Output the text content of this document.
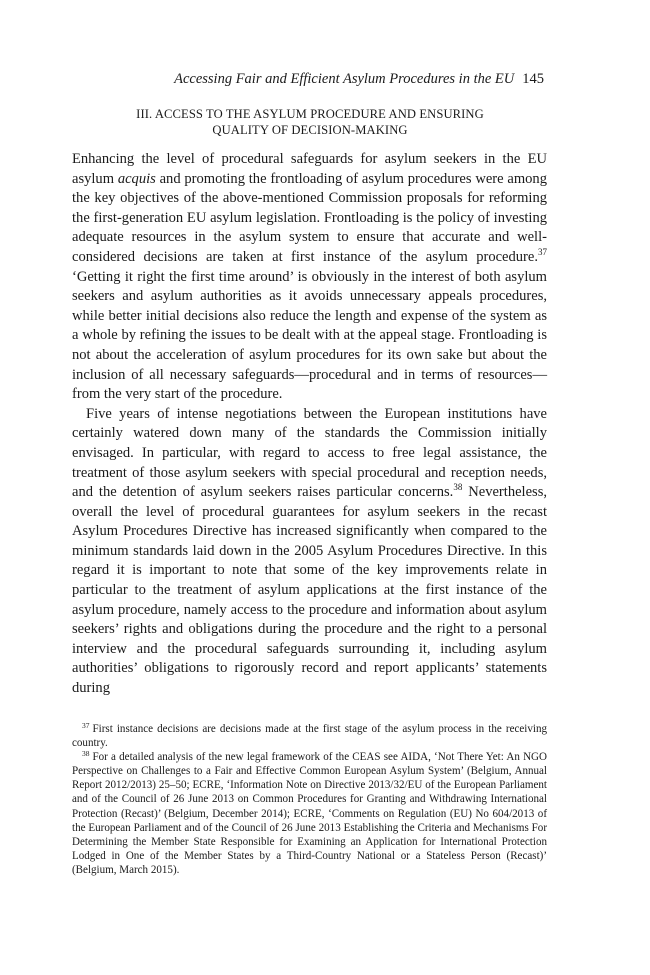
Accessing Fair and Efficient Asylum Procedures in the EU 145
III. ACCESS TO THE ASYLUM PROCEDURE AND ENSURING
QUALITY OF DECISION-MAKING

Enhancing the level of procedural safeguards for asylum seekers in the EU asylum acquis and promoting the frontloading of asylum procedures were among the key objectives of the above-mentioned Commission proposals for reforming the first-generation EU asylum legislation. Frontloading is the policy of investing adequate resources in the asylum system to ensure that accurate and well-considered decisions are taken at first instance of the asylum procedure.$^{37}$ ‘Getting it right the first time around’ is obviously in the interest of both asylum seekers and asylum authorities as it avoids unnecessary appeals procedures, while better initial decisions also reduce the length and expense of the system as a whole by refining the issues to be dealt with at the appeal stage. Frontloading is not about the acceleration of asylum procedures for its own sake but about the inclusion of all necessary safeguards—procedural and in terms of resources—from the very start of the procedure.

Five years of intense negotiations between the European institutions have certainly watered down many of the standards the Commission initially envisaged. In particular, with regard to access to free legal assistance, the treatment of those asylum seekers with special procedural and reception needs, and the detention of asylum seekers raises particular concerns.$^{38}$ Nevertheless, overall the level of procedural guarantees for asylum seekers in the recast Asylum Procedures Directive has increased significantly when compared to the minimum standards laid down in the 2005 Asylum Procedures Directive. In this regard it is important to note that some of the key improvements relate in particular to the treatment of asylum applications at the first instance of the asylum procedure, namely access to the procedure and information about asylum seekers’ rights and obligations during the procedure and the right to a personal interview and the procedural safeguards surrounding it, including asylum authorities’ obligations to rigorously record and report applicants’ statements during

$^{37}$ First instance decisions are decisions made at the first stage of the asylum process in the receiving country.

$^{38}$ For a detailed analysis of the new legal framework of the CEAS see AIDA, ‘Not There Yet: An NGO Perspective on Challenges to a Fair and Effective Common European Asylum System’ (Belgium, Annual Report 2012/2013) 25–50; ECRE, ‘Information Note on Directive 2013/32/EU of the European Parliament and of the Council of 26 June 2013 on Common Procedures for Granting and Withdrawing International Protection (Recast)’ (Belgium, December 2014); ECRE, ‘Comments on Regulation (EU) No 604/2013 of the European Parliament and of the Council of 26 June 2013 Establishing the Criteria and Mechanisms For Determining the Member State Responsible for Examining an Application for International Protection Lodged in One of the Member States by a Third-Country National or a Stateless Person (Recast)’ (Belgium, March 2015).
